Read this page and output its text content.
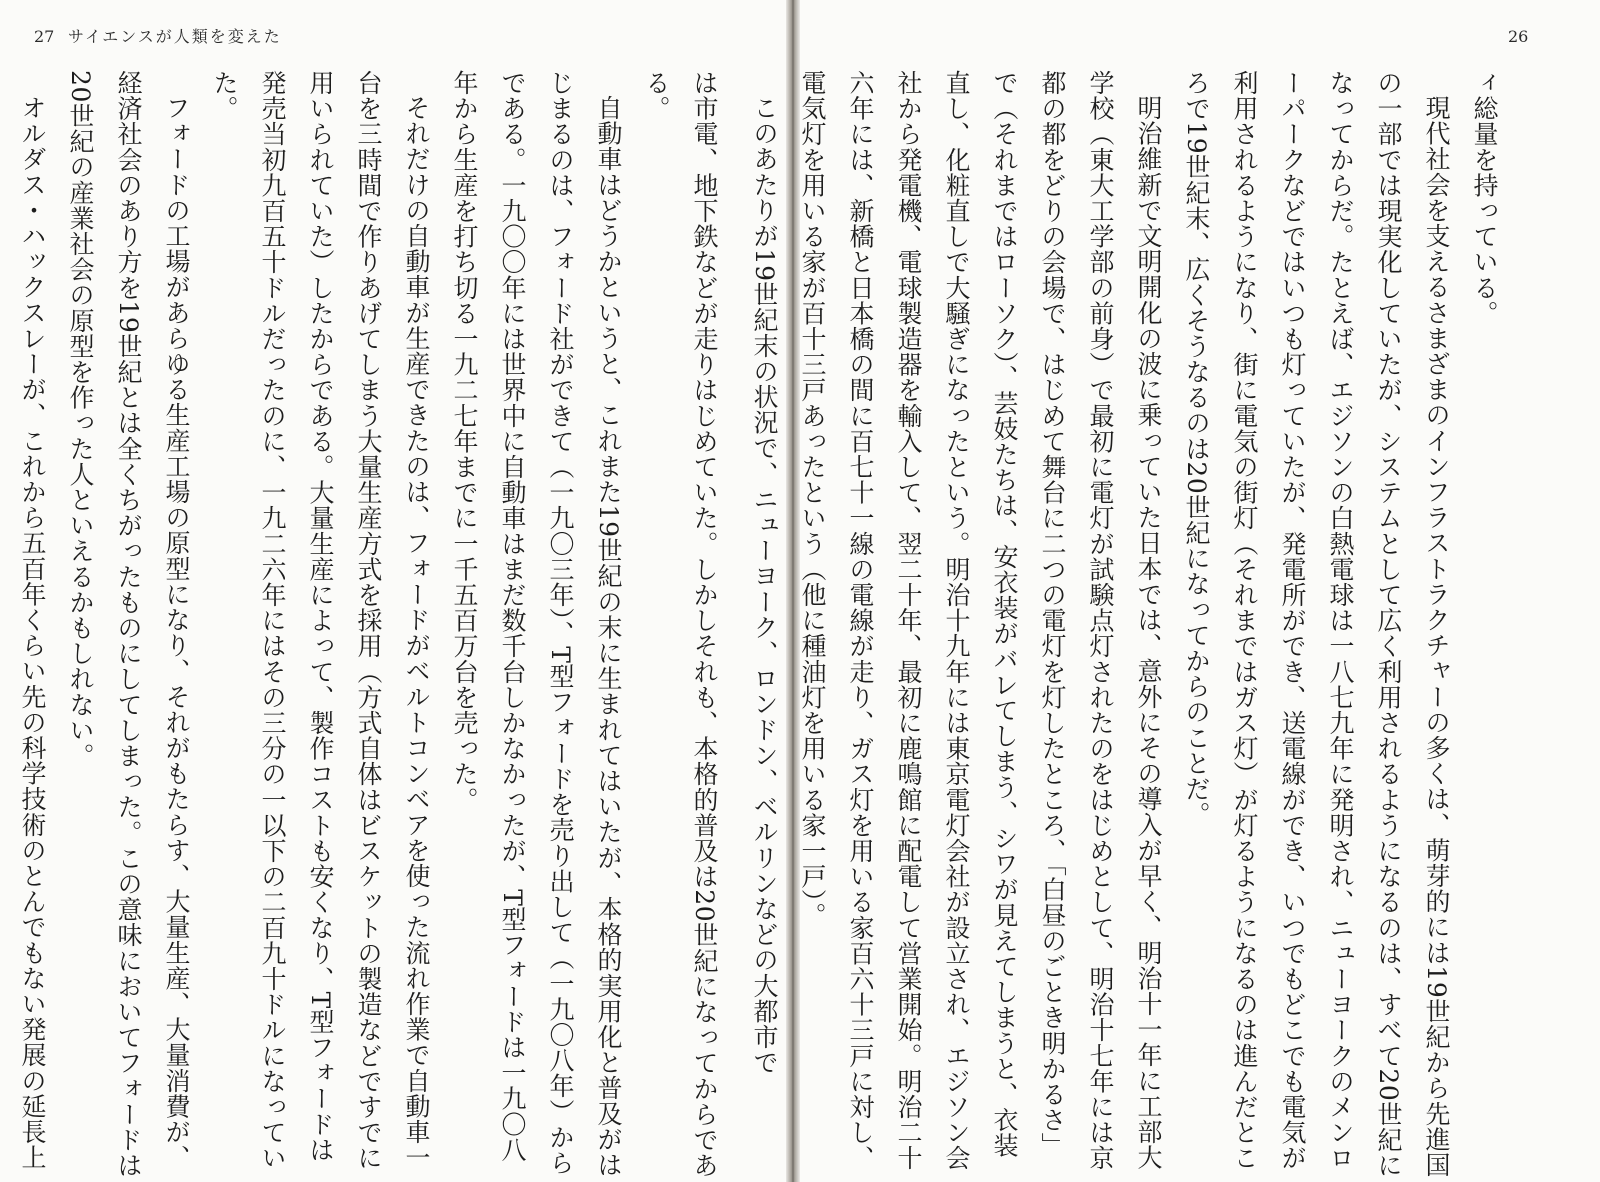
27 サイエンスが人類を変えた	26

ィ総量を持っている。

現代社会を支えるさまざまのインフラストラクチャーの多くは、萌芽的には19世紀から先進国の一部では現実化していたが、システムとして広く利用されるようになるのは、すべて20世紀になってからだ。たとえば、エジソンの白熱電球は一八七九年に発明され、ニューヨークのメンローパークなどではいつも灯っていたが、発電所ができ、送電線ができ、いつでもどこでも電気が利用されるようになり、街に電気の街灯（それまではガス灯）が灯るようになるのは進んだところで19世紀末、広くそうなるのは20世紀になってからのことだ。

明治維新で文明開化の波に乗っていた日本では、意外にその導入が早く、明治十一年に工部大学校（東大工学部の前身）で最初に電灯が試験点灯されたのをはじめとして、明治十七年には京都の都をどりの会場で、はじめて舞台に二つの電灯を灯したところ、「白昼のごとき明かるさ」で（それまではローソク）、芸妓たちは、安衣装がバレてしまう、シワが見えてしまうと、衣装直し、化粧直しで大騒ぎになったという。明治十九年には東京電灯会社が設立され、エジソン会社から発電機、電球製造器を輸入して、翌二十年、最初に鹿鳴館に配電して営業開始。明治二十六年には、新橋と日本橋の間に百七十一線の電線が走り、ガス灯を用いる家百六十三戸に対し、電気灯を用いる家が百十三戸あったという（他に種油灯を用いる家一戸）。

このあたりが19世紀末の状況で、ニューヨーク、ロンドン、ベルリンなどの大都市で

は市電、地下鉄などが走りはじめていた。しかしそれも、本格的普及は20世紀になってからである。

自動車はどうかというと、これまた19世紀の末に生まれてはいたが、本格的実用化と普及がはじまるのは、フォード社ができて（一九〇三年）、T型フォードを売り出して（一九〇八年）からである。一九〇〇年には世界中に自動車はまだ数千台しかなかったが、T型フォードは一九〇八年から生産を打ち切る一九二七年までに一千五百万台を売った。

それだけの自動車が生産できたのは、フォードがベルトコンベアを使った流れ作業で自動車一台を三時間で作りあげてしまう大量生産方式を採用（方式自体はビスケットの製造などですでに用いられていた）したからである。大量生産によって、製作コストも安くなり、T型フォードは発売当初九百五十ドルだったのに、一九二六年にはその三分の一以下の二百九十ドルになっていた。

フォードの工場があらゆる生産工場の原型になり、それがもたらす、大量生産、大量消費が、経済社会のあり方を19世紀とは全くちがったものにしてしまった。この意味においてフォードは20世紀の産業社会の原型を作った人といえるかもしれない。

オルダス・ハックスレーが、これから五百年くらい先の科学技術のとんでもない発展の延長上
